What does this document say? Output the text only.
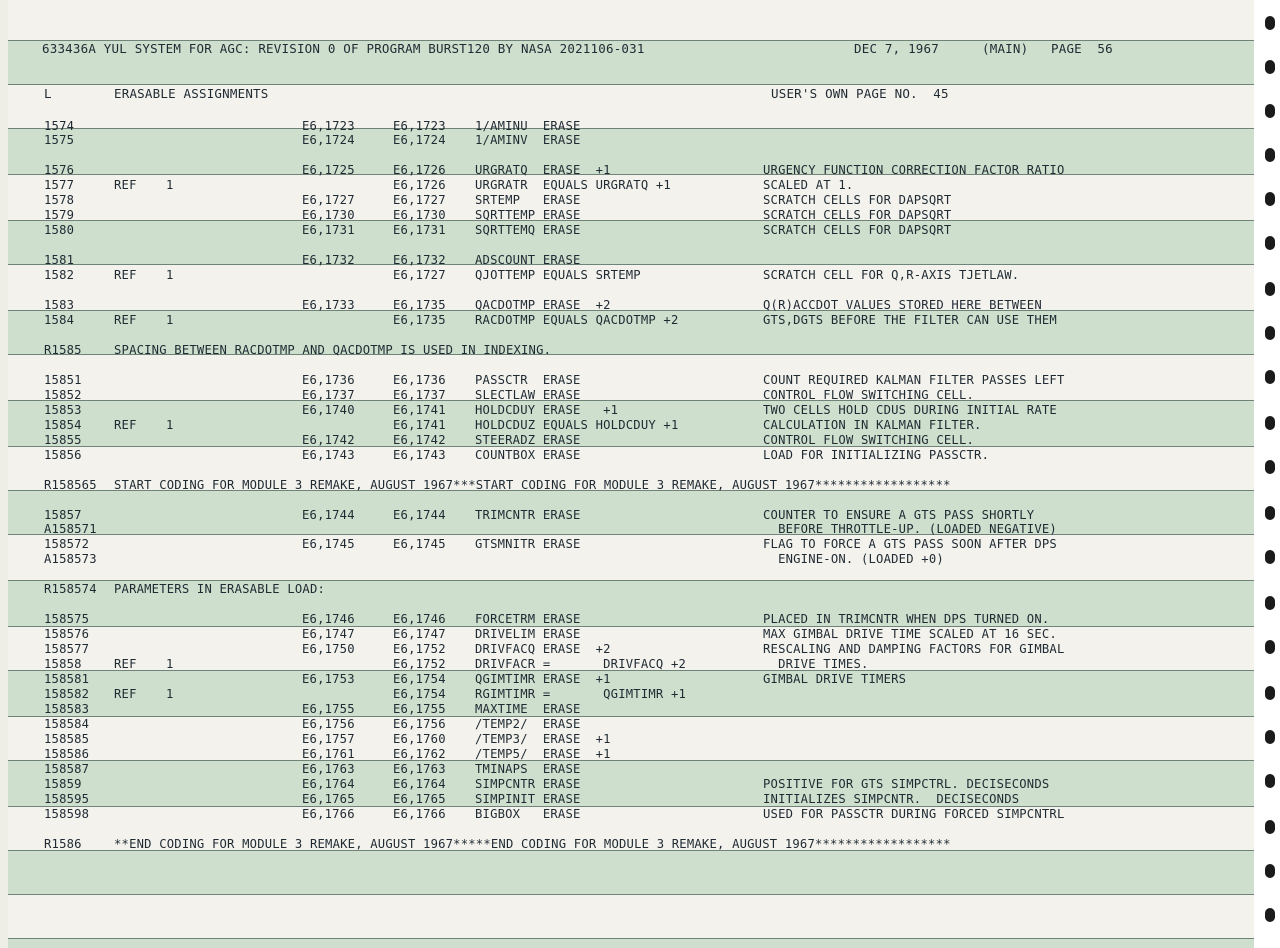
633436A YUL SYSTEM FOR AGC: REVISION 0 OF PROGRAM BURST120 BY NASA 2021106-031	DEC 7, 1967	(MAIN) PAGE  56
L	ERASABLE ASSIGNMENTS	USER'S OWN PAGE NO.  45
1574	E6,1723	E6,1723 1/AMINU  ERASE
1575	E6,1724	E6,1724 1/AMINV  ERASE
1576	E6,1725	E6,1726 URGRATQ  ERASE  +1	URGENCY FUNCTION CORRECTION FACTOR RATIO
1577	REF 1	E6,1726 URGRATR  EQUALS URGRATQ +1	SCALED AT 1.
1578	E6,1727	E6,1727 SRTEMP   ERASE	SCRATCH CELLS FOR DAPSQRT
1579	E6,1730	E6,1730 SQRTTEMP ERASE	SCRATCH CELLS FOR DAPSQRT
1580	E6,1731	E6,1731 SQRTTEMQ ERASE	SCRATCH CELLS FOR DAPSQRT
1581	E6,1732	E6,1732 ADSCOUNT ERASE
1582	REF 1	E6,1727 QJOTTEMP EQUALS SRTEMP	SCRATCH CELL FOR Q,R-AXIS TJETLAW.
1583	E6,1733	E6,1735 QACDOTMP ERASE  +2	Q(R)ACCDOT VALUES STORED HERE BETWEEN
1584	REF 1	E6,1735 RACDOTMP EQUALS QACDOTMP +2	GTS,DGTS BEFORE THE FILTER CAN USE THEM
R1585	SPACING BETWEEN RACDOTMP AND QACDOTMP IS USED IN INDEXING.
15851	E6,1736	E6,1736 PASSCTR  ERASE	COUNT REQUIRED KALMAN FILTER PASSES LEFT
15852	E6,1737	E6,1737 SLECTLAW ERASE	CONTROL FLOW SWITCHING CELL.
15853	E6,1740	E6,1741 HOLDCDUY ERASE   +1	TWO CELLS HOLD CDUS DURING INITIAL RATE
15854	REF 1	E6,1741 HOLDCDUZ EQUALS HOLDCDUY +1	CALCULATION IN KALMAN FILTER.
15855	E6,1742	E6,1742 STEERADZ ERASE	CONTROL FLOW SWITCHING CELL.
15856	E6,1743	E6,1743 COUNTBOX ERASE	LOAD FOR INITIALIZING PASSCTR.
R158565 START CODING FOR MODULE 3 REMAKE, AUGUST 1967***START CODING FOR MODULE 3 REMAKE, AUGUST 1967******************
15857	E6,1744	E6,1744 TRIMCNTR ERASE	COUNTER TO ENSURE A GTS PASS SHORTLY
A158571	BEFORE THROTTLE-UP. (LOADED NEGATIVE)
158572	E6,1745	E6,1745 GTSMNITR ERASE	FLAG TO FORCE A GTS PASS SOON AFTER DPS
A158573	ENGINE-ON. (LOADED +0)
R158574 PARAMETERS IN ERASABLE LOAD:
158575	E6,1746	E6,1746 FORCETRM ERASE	PLACED IN TRIMCNTR WHEN DPS TURNED ON.
158576	E6,1747	E6,1747 DRIVELIM ERASE	MAX GIMBAL DRIVE TIME SCALED AT 16 SEC.
158577	E6,1750	E6,1752 DRIVFACQ ERASE  +2	RESCALING AND DAMPING FACTORS FOR GIMBAL
15858	REF 1	E6,1752 DRIVFACR =       DRIVFACQ +2	DRIVE TIMES.
158581	E6,1753	E6,1754 QGIMTIMR ERASE  +1	GIMBAL DRIVE TIMERS
158582 REF 1	E6,1754 RGIMTIMR =       QGIMTIMR +1
158583	E6,1755	E6,1755 MAXTIME  ERASE
158584	E6,1756	E6,1756 /TEMP2/  ERASE
158585	E6,1757	E6,1760 /TEMP3/  ERASE  +1
158586	E6,1761	E6,1762 /TEMP5/  ERASE  +1
158587	E6,1763	E6,1763 TMINAPS  ERASE
15859	E6,1764	E6,1764 SIMPCNTR ERASE	POSITIVE FOR GTS SIMPCTRL. DECISECONDS
158595	E6,1765	E6,1765 SIMPINIT ERASE	INITIALIZES SIMPCNTR.  DECISECONDS
158598	E6,1766	E6,1766 BIGBOX   ERASE	USED FOR PASSCTR DURING FORCED SIMPCNTRL
R1586	**END CODING FOR MODULE 3 REMAKE, AUGUST 1967*****END CODING FOR MODULE 3 REMAKE, AUGUST 1967******************
